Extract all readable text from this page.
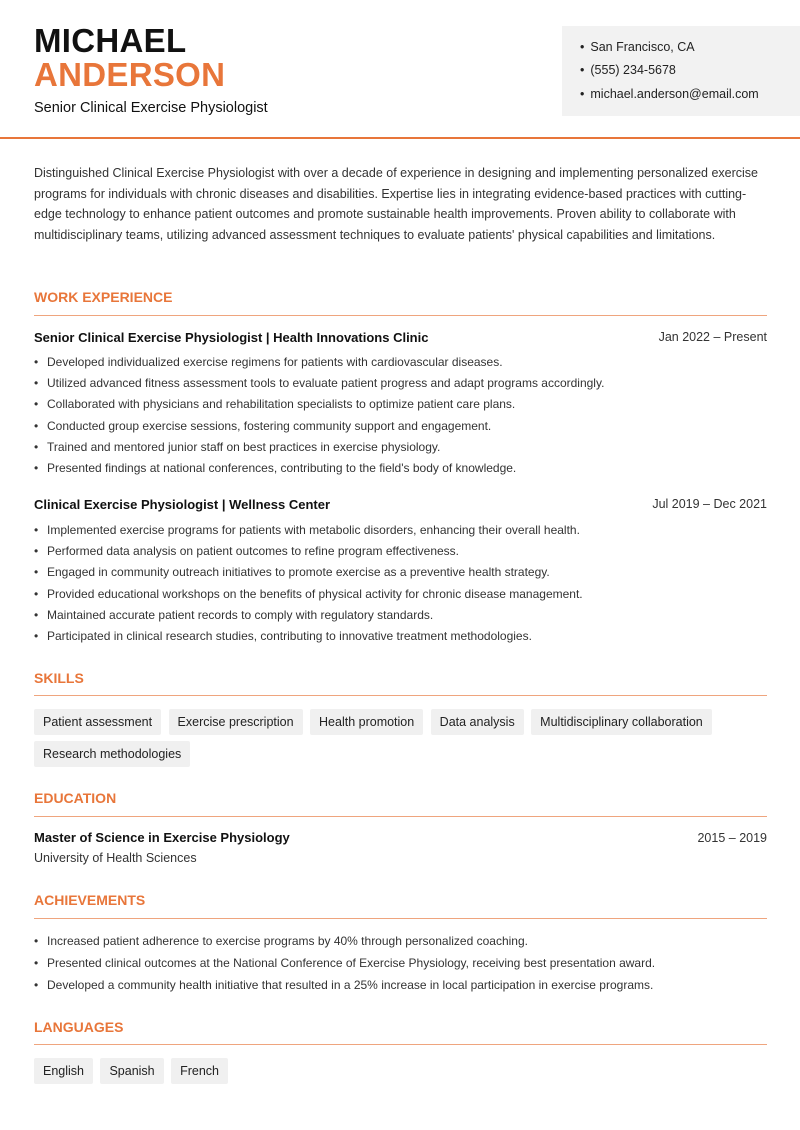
MICHAEL
ANDERSON
Senior Clinical Exercise Physiologist
• San Francisco, CA
• (555) 234-5678
• michael.anderson@email.com
Distinguished Clinical Exercise Physiologist with over a decade of experience in designing and implementing personalized exercise programs for individuals with chronic diseases and disabilities. Expertise lies in integrating evidence-based practices with cutting-edge technology to enhance patient outcomes and promote sustainable health improvements. Proven ability to collaborate with multidisciplinary teams, utilizing advanced assessment techniques to evaluate patients' physical capabilities and limitations.
WORK EXPERIENCE
Senior Clinical Exercise Physiologist | Health Innovations Clinic	Jan 2022 – Present
• Developed individualized exercise regimens for patients with cardiovascular diseases.
• Utilized advanced fitness assessment tools to evaluate patient progress and adapt programs accordingly.
• Collaborated with physicians and rehabilitation specialists to optimize patient care plans.
• Conducted group exercise sessions, fostering community support and engagement.
• Trained and mentored junior staff on best practices in exercise physiology.
• Presented findings at national conferences, contributing to the field's body of knowledge.
Clinical Exercise Physiologist | Wellness Center	Jul 2019 – Dec 2021
• Implemented exercise programs for patients with metabolic disorders, enhancing their overall health.
• Performed data analysis on patient outcomes to refine program effectiveness.
• Engaged in community outreach initiatives to promote exercise as a preventive health strategy.
• Provided educational workshops on the benefits of physical activity for chronic disease management.
• Maintained accurate patient records to comply with regulatory standards.
• Participated in clinical research studies, contributing to innovative treatment methodologies.
SKILLS
Patient assessment Exercise prescription Health promotion Data analysis Multidisciplinary collaboration Research methodologies
EDUCATION
Master of Science in Exercise Physiology	2015 – 2019
University of Health Sciences
ACHIEVEMENTS
• Increased patient adherence to exercise programs by 40% through personalized coaching.
• Presented clinical outcomes at the National Conference of Exercise Physiology, receiving best presentation award.
• Developed a community health initiative that resulted in a 25% increase in local participation in exercise programs.
LANGUAGES
English Spanish French
